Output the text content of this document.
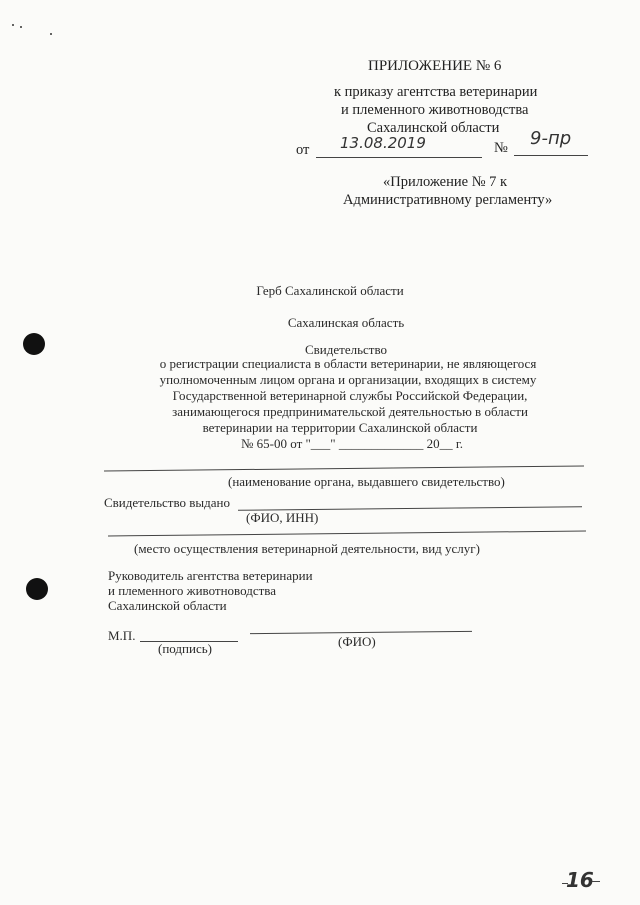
ПРИЛОЖЕНИЕ № 6
к приказу агентства ветеринарии
и племенного животноводства
Сахалинской области
от 13.08.2019	№ 9-пр
«Приложение № 7 к
Административному регламенту»
Герб Сахалинской области
Сахалинская область
Свидетельство
о регистрации специалиста в области ветеринарии, не являющегося
уполномоченным лицом органа и организации, входящих в систему
Государственной ветеринарной службы Российской Федерации,
занимающегося предпринимательской деятельностью в области
ветеринарии на территории Сахалинской области
№ 65-00 от "___" _____________ 20__ г.
(наименование органа, выдавшего свидетельство)
Свидетельство выдано
(ФИО, ИНН)
(место осуществления ветеринарной деятельности, вид услуг)
Руководитель агентства ветеринарии
и племенного животноводства
Сахалинской области
М.П.
(подпись)	(ФИО)
16
